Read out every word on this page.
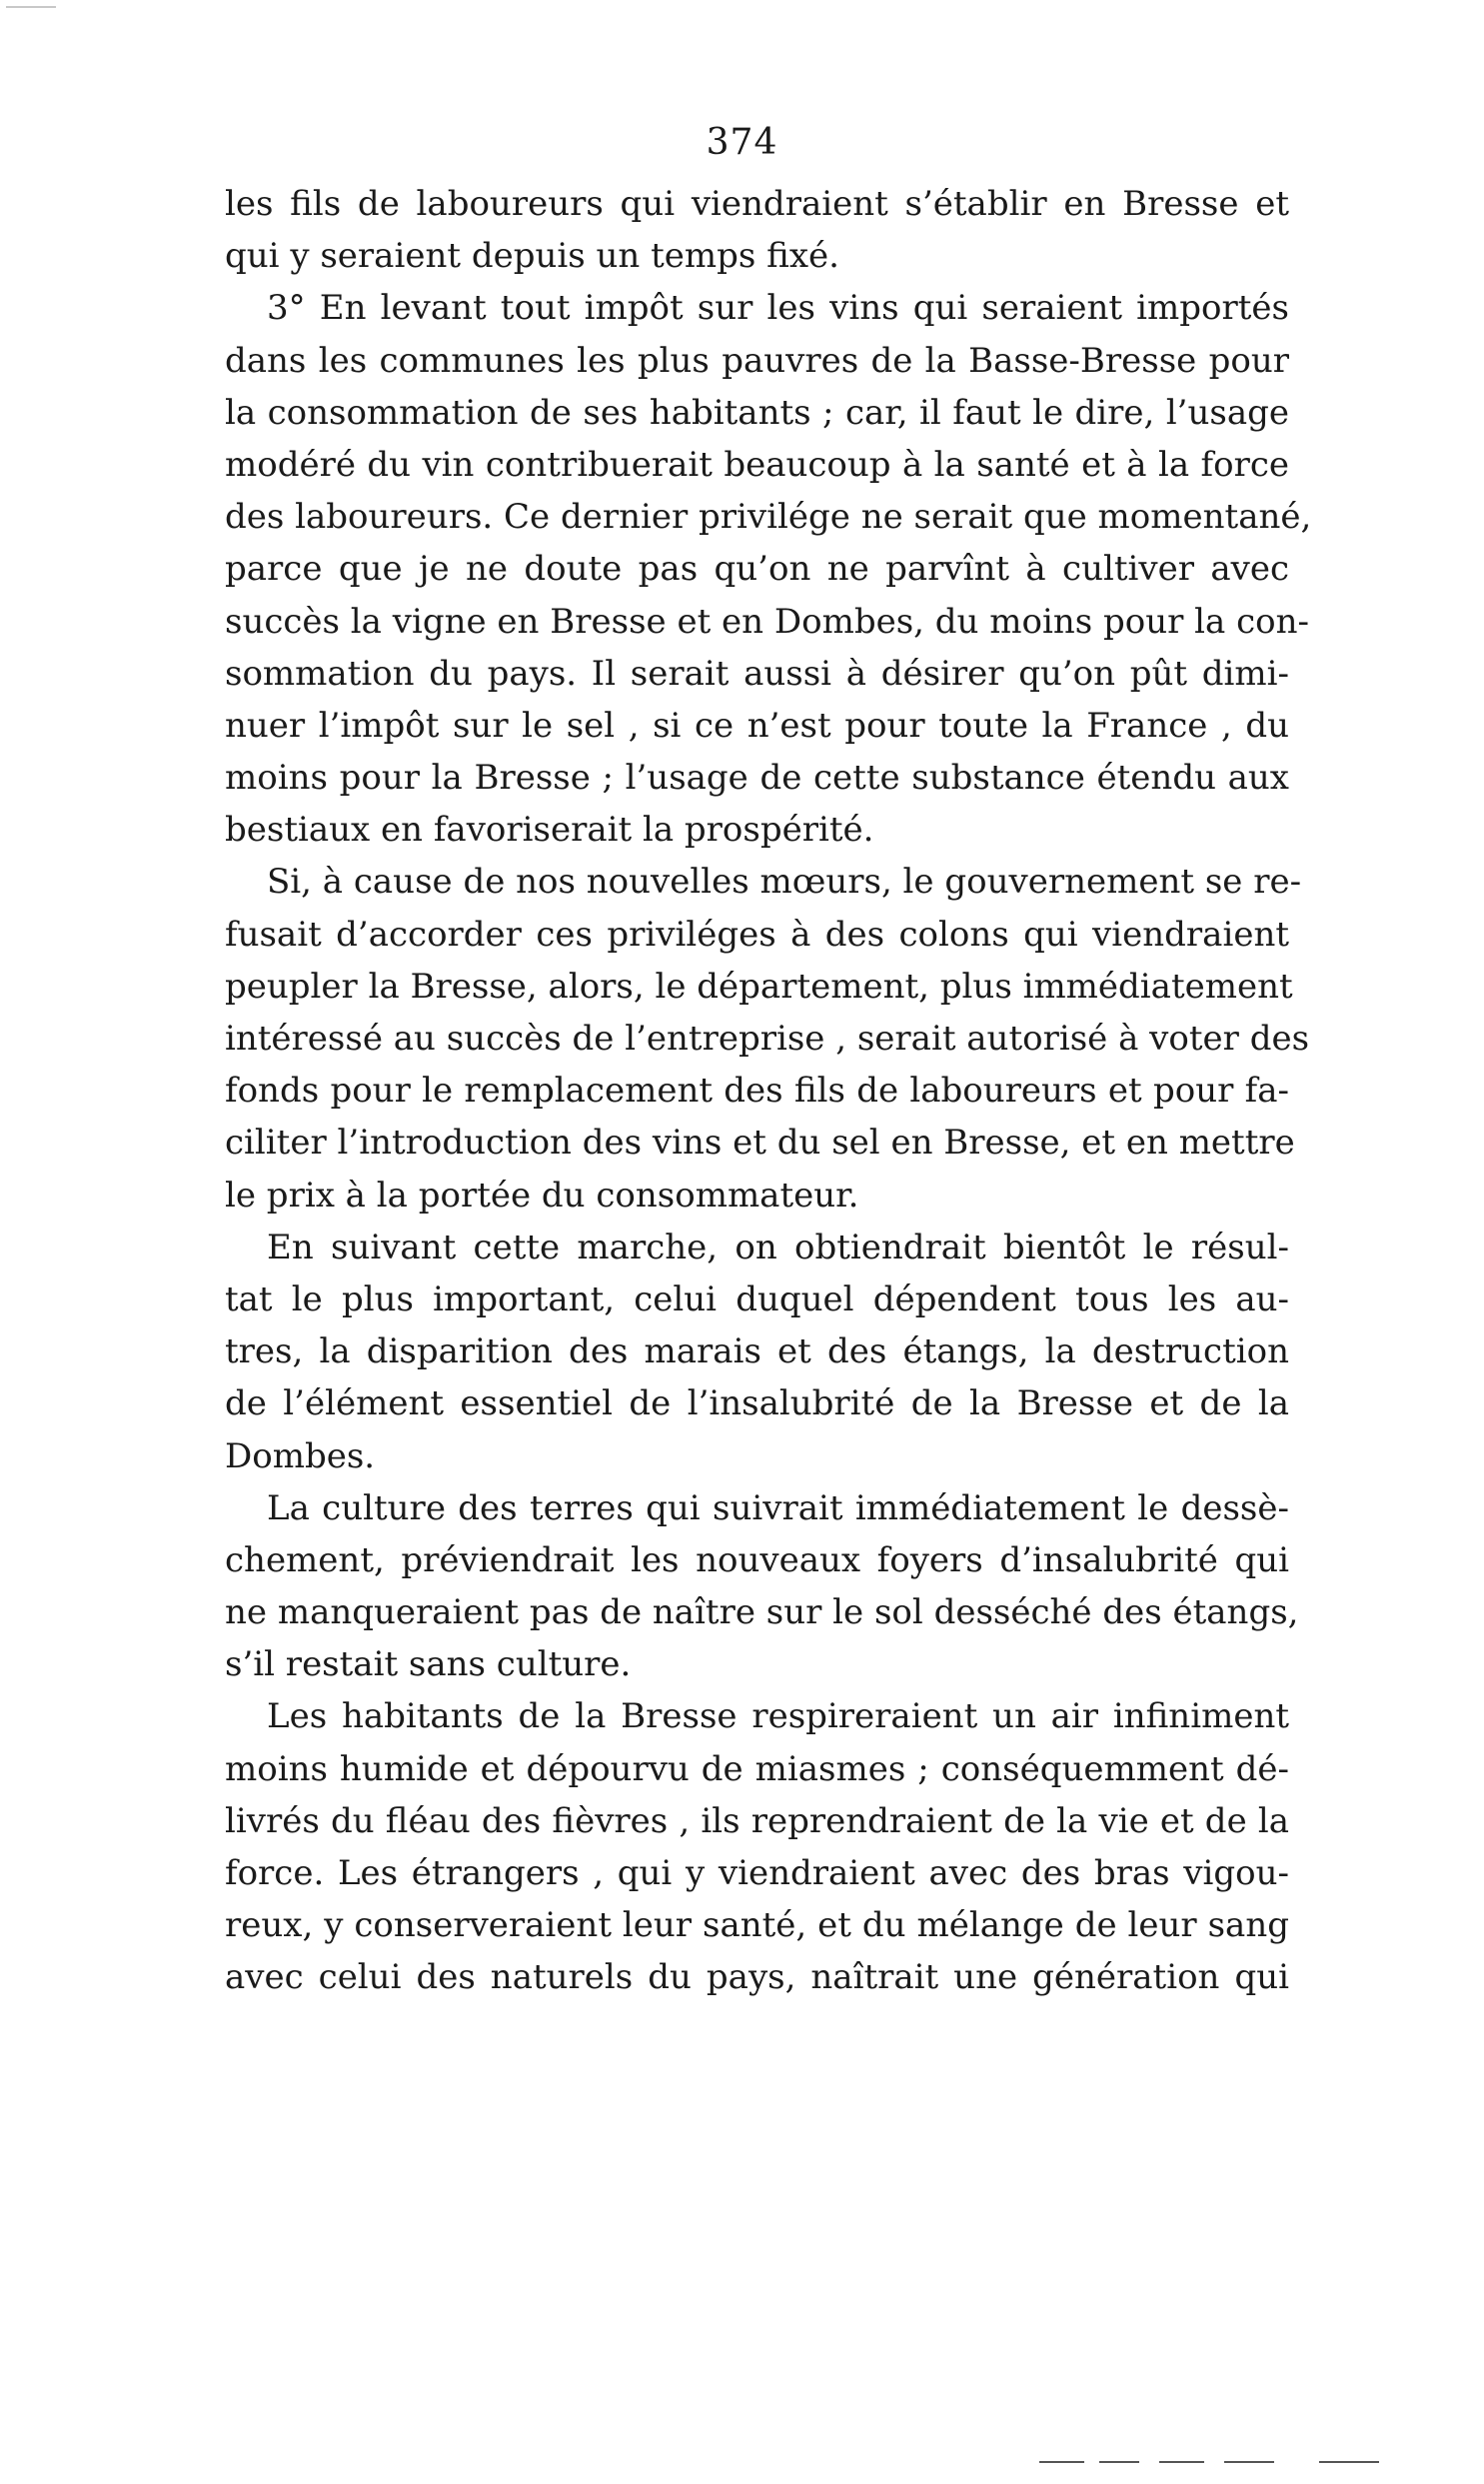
374
les fils de laboureurs qui viendraient s’établir en Bresse et
qui y seraient depuis un temps fixé.
3° En levant tout impôt sur les vins qui seraient importés
dans les communes les plus pauvres de la Basse-Bresse pour
la consommation de ses habitants ; car, il faut le dire, l’usage
modéré du vin contribuerait beaucoup à la santé et à la force
des laboureurs. Ce dernier privilége ne serait que momentané,
parce que je ne doute pas qu’on ne parvînt à cultiver avec
succès la vigne en Bresse et en Dombes, du moins pour la con-
sommation du pays. Il serait aussi à désirer qu’on pût dimi-
nuer l’impôt sur le sel , si ce n’est pour toute la France , du
moins pour la Bresse ; l’usage de cette substance étendu aux
bestiaux en favoriserait la prospérité.
Si, à cause de nos nouvelles mœurs, le gouvernement se re-
fusait d’accorder ces priviléges à des colons qui viendraient
peupler la Bresse, alors, le département, plus immédiatement
intéressé au succès de l’entreprise , serait autorisé à voter des
fonds pour le remplacement des fils de laboureurs et pour fa-
ciliter l’introduction des vins et du sel en Bresse, et en mettre
le prix à la portée du consommateur.
En suivant cette marche, on obtiendrait bientôt le résul-
tat le plus important, celui duquel dépendent tous les au-
tres, la disparition des marais et des étangs, la destruction
de l’élément essentiel de l’insalubrité de la Bresse et de la
Dombes.
La culture des terres qui suivrait immédiatement le dessè-
chement, préviendrait les nouveaux foyers d’insalubrité qui
ne manqueraient pas de naître sur le sol desséché des étangs,
s’il restait sans culture.
Les habitants de la Bresse respireraient un air infiniment
moins humide et dépourvu de miasmes ; conséquemment dé-
livrés du fléau des fièvres , ils reprendraient de la vie et de la
force. Les étrangers , qui y viendraient avec des bras vigou-
reux, y conserveraient leur santé, et du mélange de leur sang
avec celui des naturels du pays, naîtrait une génération qui
